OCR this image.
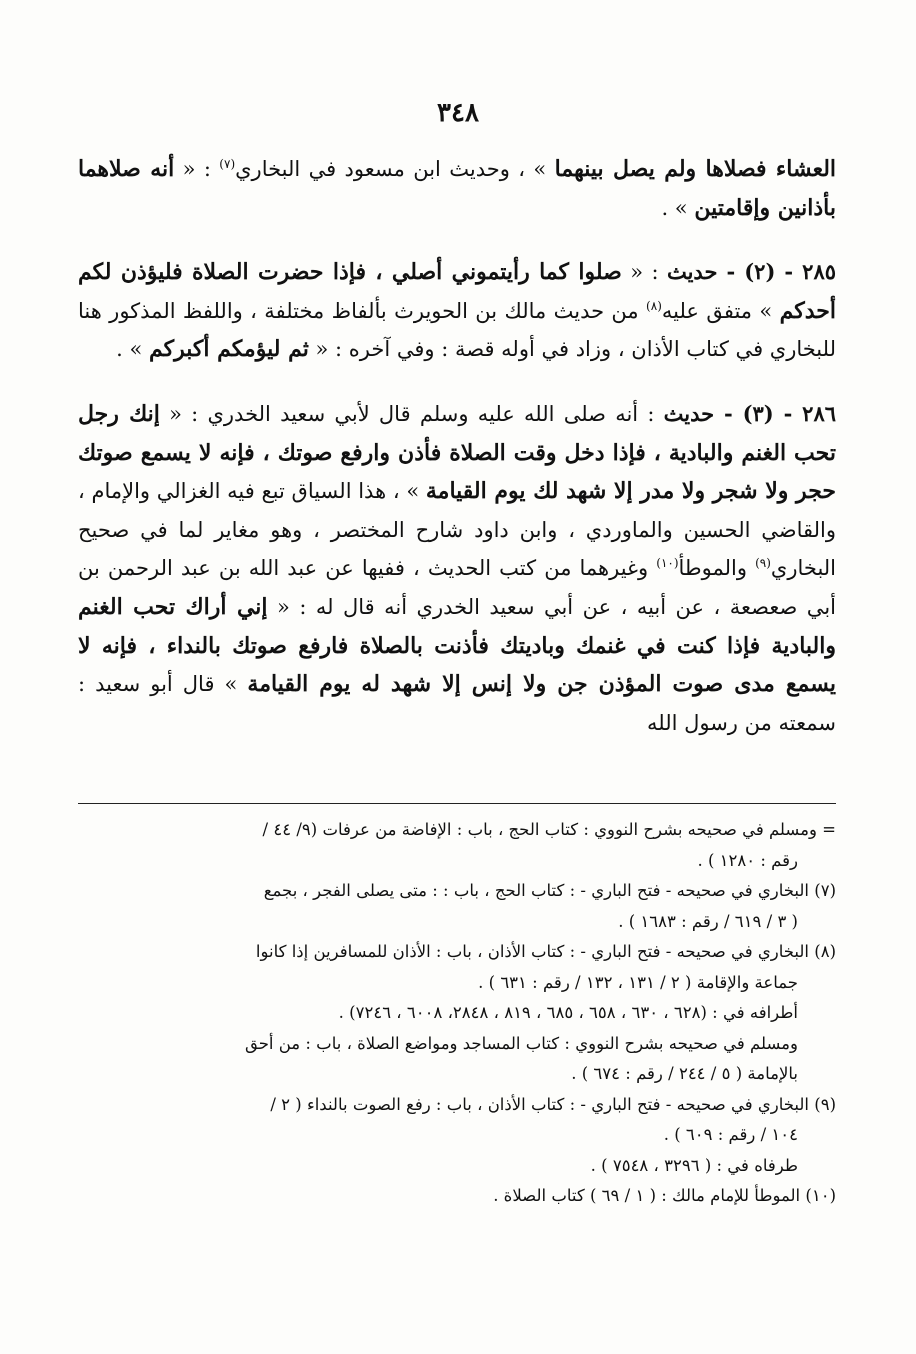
٣٤٨

العشاء فصلاها ولم يصل بينهما » ، وحديث ابن مسعود في البخاري$^{(٧)}$ : « أنه صلاهما بأذانين وإقامتين » .

٢٨٥ - (٢) - حديث : « صلوا كما رأيتموني أصلي ، فإذا حضرت الصلاة فليؤذن لكم أحدكم » متفق عليه$^{(٨)}$ من حديث مالك بن الحويرث بألفاظ مختلفة ، واللفظ المذكور هنا للبخاري في كتاب الأذان ، وزاد في أوله قصة : وفي آخره : « ثم ليؤمكم أكبركم » .

٢٨٦ - (٣) - حديث : أنه صلى الله عليه وسلم قال لأبي سعيد الخدري : « إنك رجل تحب الغنم والبادية ، فإذا دخل وقت الصلاة فأذن وارفع صوتك ، فإنه لا يسمع صوتك حجر ولا شجر ولا مدر إلا شهد لك يوم القيامة » ، هذا السياق تبع فيه الغزالي والإمام ، والقاضي الحسين والماوردي ، وابن داود شارح المختصر ، وهو مغاير لما في صحيح البخاري$^{(٩)}$ والموطأ$^{(١٠)}$ وغيرهما من كتب الحديث ، ففيها عن عبد الله بن عبد الرحمن بن أبي صعصعة ، عن أبيه ، عن أبي سعيد الخدري أنه قال له : « إني أراك تحب الغنم والبادية فإذا كنت في غنمك وباديتك فأذنت بالصلاة فارفع صوتك بالنداء ، فإنه لا يسمع مدى صوت المؤذن جن ولا إنس إلا شهد له يوم القيامة » قال أبو سعيد : سمعته من رسول الله

= ومسلم في صحيحه بشرح النووي : كتاب الحج ، باب : الإفاضة من عرفات (٩/ ٤٤ /
رقم : ١٢٨٠ ) .

(٧) البخاري في صحيحه - فتح الباري - : كتاب الحج ، باب : : متى يصلى الفجر ، بجمع
( ٣ / ٦١٩ / رقم : ١٦٨٣ ) .

(٨) البخاري في صحيحه - فتح الباري - : كتاب الأذان ، باب : الأذان للمسافرين إذا كانوا
جماعة والإقامة ( ٢ / ١٣١ ، ١٣٢ / رقم : ٦٣١ ) .
أطرافه في : (٦٢٨ ، ٦٣٠ ، ٦٥٨ ، ٦٨٥ ، ٨١٩ ، ٢٨٤٨، ٦٠٠٨ ، ٧٢٤٦) .
ومسلم في صحيحه بشرح النووي : كتاب المساجد ومواضع الصلاة ، باب : من أحق
بالإمامة ( ٥ / ٢٤٤ / رقم : ٦٧٤ ) .

(٩) البخاري في صحيحه - فتح الباري - : كتاب الأذان ، باب : رفع الصوت بالنداء ( ٢ /
١٠٤ / رقم : ٦٠٩ ) .
طرفاه في : ( ٣٢٩٦ ، ٧٥٤٨ ) .

(١٠) الموطأ للإمام مالك : ( ١ / ٦٩ ) كتاب الصلاة .
